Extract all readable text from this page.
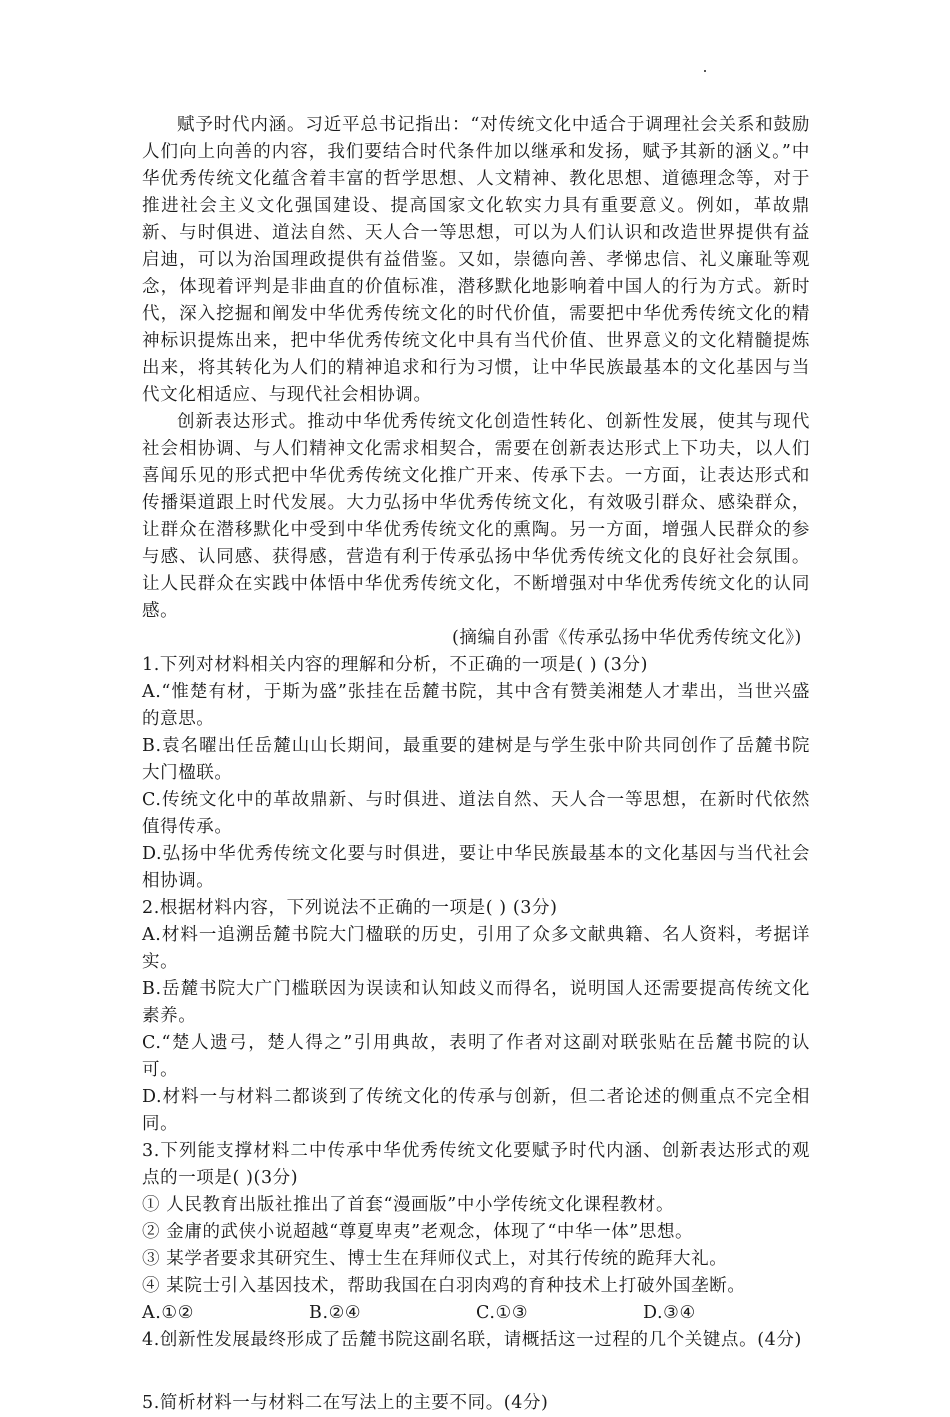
赋予时代内涵。习近平总书记指出：“对传统文化中适合于调理社会关系和鼓励人们向上向善的内容，我们要结合时代条件加以继承和发扬，赋予其新的涵义。”中华优秀传统文化蕴含着丰富的哲学思想、人文精神、教化思想、道德理念等，对于推进社会主义文化强国建设、提高国家文化软实力具有重要意义。例如，革故鼎新、与时俱进、道法自然、天人合一等思想，可以为人们认识和改造世界提供有益启迪，可以为治国理政提供有益借鉴。又如，崇德向善、孝悌忠信、礼义廉耻等观念，体现着评判是非曲直的价值标准，潜移默化地影响着中国人的行为方式。新时代，深入挖掘和阐发中华优秀传统文化的时代价值，需要把中华优秀传统文化的精神标识提炼出来，把中华优秀传统文化中具有当代价值、世界意义的文化精髓提炼出来，将其转化为人们的精神追求和行为习惯，让中华民族最基本的文化基因与当代文化相适应、与现代社会相协调。

创新表达形式。推动中华优秀传统文化创造性转化、创新性发展，使其与现代社会相协调、与人们精神文化需求相契合，需要在创新表达形式上下功夫，以人们喜闻乐见的形式把中华优秀传统文化推广开来、传承下去。一方面，让表达形式和传播渠道跟上时代发展。大力弘扬中华优秀传统文化，有效吸引群众、感染群众，让群众在潜移默化中受到中华优秀传统文化的熏陶。另一方面，增强人民群众的参与感、认同感、获得感，营造有利于传承弘扬中华优秀传统文化的良好社会氛围。让人民群众在实践中体悟中华优秀传统文化，不断增强对中华优秀传统文化的认同感。

(摘编自孙雷《传承弘扬中华优秀传统文化》)

1.下列对材料相关内容的理解和分析，不正确的一项是( ) (3分)

A.“惟楚有材，于斯为盛”张挂在岳麓书院，其中含有赞美湘楚人才辈出，当世兴盛的意思。

B.袁名曜出任岳麓山山长期间，最重要的建树是与学生张中阶共同创作了岳麓书院大门楹联。

C.传统文化中的革故鼎新、与时俱进、道法自然、天人合一等思想，在新时代依然值得传承。

D.弘扬中华优秀传统文化要与时俱进，要让中华民族最基本的文化基因与当代社会相协调。

2.根据材料内容，下列说法不正确的一项是( ) (3分)

A.材料一追溯岳麓书院大门楹联的历史，引用了众多文献典籍、名人资料，考据详实。

B.岳麓书院大广门槛联因为误读和认知歧义而得名，说明国人还需要提高传统文化素养。

C.“楚人遗弓，楚人得之”引用典故，表明了作者对这副对联张贴在岳麓书院的认可。

D.材料一与材料二都谈到了传统文化的传承与创新，但二者论述的侧重点不完全相同。

3.下列能支撑材料二中传承中华优秀传统文化要赋予时代内涵、创新表达形式的观点的一项是( )(3分)

① 人民教育出版社推出了首套“漫画版”中小学传统文化课程教材。

② 金庸的武侠小说超越“尊夏卑夷”老观念，体现了“中华一体”思想。

③ 某学者要求其研究生、博士生在拜师仪式上，对其行传统的跪拜大礼。

④ 某院士引入基因技术，帮助我国在白羽肉鸡的育种技术上打破外国垄断。

A.①②	B.②④	C.①③	D.③④

4.创新性发展最终形成了岳麓书院这副名联，请概括这一过程的几个关键点。(4分)

5.简析材料一与材料二在写法上的主要不同。(4分)
